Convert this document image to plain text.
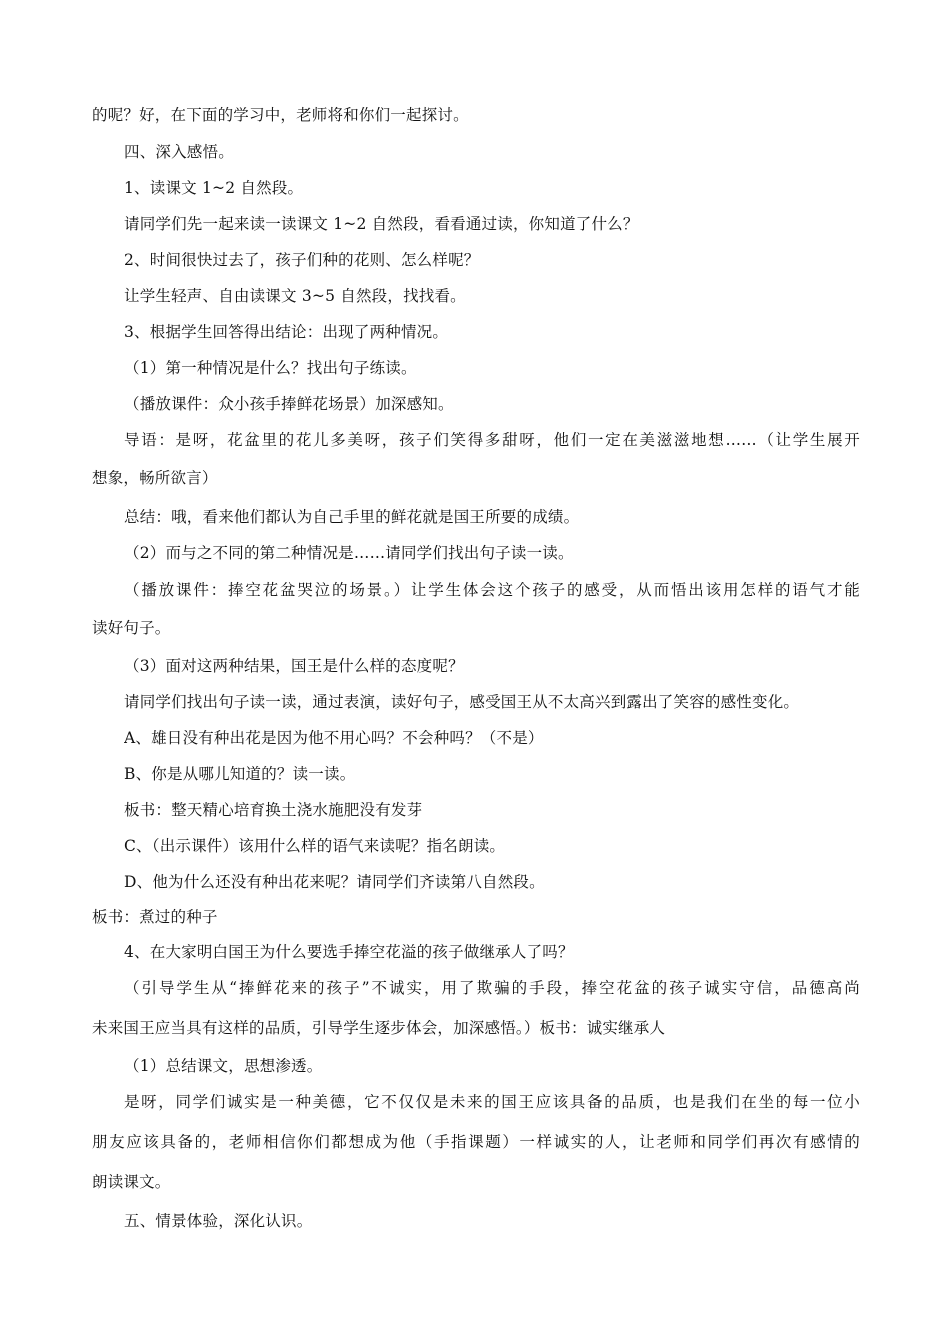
的呢？好，在下面的学习中，老师将和你们一起探讨。
四、深入感悟。
1、读课文 1~2 自然段。
请同学们先一起来读一读课文 1~2 自然段，看看通过读，你知道了什么？
2、时间很快过去了，孩子们种的花则、怎么样呢？
让学生轻声、自由读课文 3~5 自然段，找找看。
3、根据学生回答得出结论：出现了两种情况。
（1）第一种情况是什么？找出句子练读。
（播放课件：众小孩手捧鲜花场景）加深感知。
导语：是呀，花盆里的花儿多美呀，孩子们笑得多甜呀，他们一定在美滋滋地想……（让学生展开
想象，畅所欲言）
总结：哦，看来他们都认为自己手里的鲜花就是国王所要的成绩。
（2）而与之不同的第二种情况是……请同学们找出句子读一读。
（播放课件：捧空花盆哭泣的场景。）让学生体会这个孩子的感受，从而悟出该用怎样的语气才能
读好句子。
（3）面对这两种结果，国王是什么样的态度呢？
请同学们找出句子读一读，通过表演，读好句子，感受国王从不太高兴到露出了笑容的感性变化。
A、雄日没有种出花是因为他不用心吗？不会种吗？（不是）
B、你是从哪儿知道的？读一读。
板书：整天精心培育换土浇水施肥没有发芽
C、（出示课件）该用什么样的语气来读呢？指名朗读。
D、他为什么还没有种出花来呢？请同学们齐读第八自然段。
板书：煮过的种子
4、在大家明白国王为什么要选手捧空花溢的孩子做继承人了吗？
（引导学生从“捧鲜花来的孩子”不诚实，用了欺骗的手段，捧空花盆的孩子诚实守信，品德高尚
未来国王应当具有这样的品质，引导学生逐步体会，加深感悟。）板书：诚实继承人
（1）总结课文，思想渗透。
是呀，同学们诚实是一种美德，它不仅仅是未来的国王应该具备的品质，也是我们在坐的每一位小
朋友应该具备的，老师相信你们都想成为他（手指课题）一样诚实的人，让老师和同学们再次有感情的
朗读课文。
五、情景体验，深化认识。
